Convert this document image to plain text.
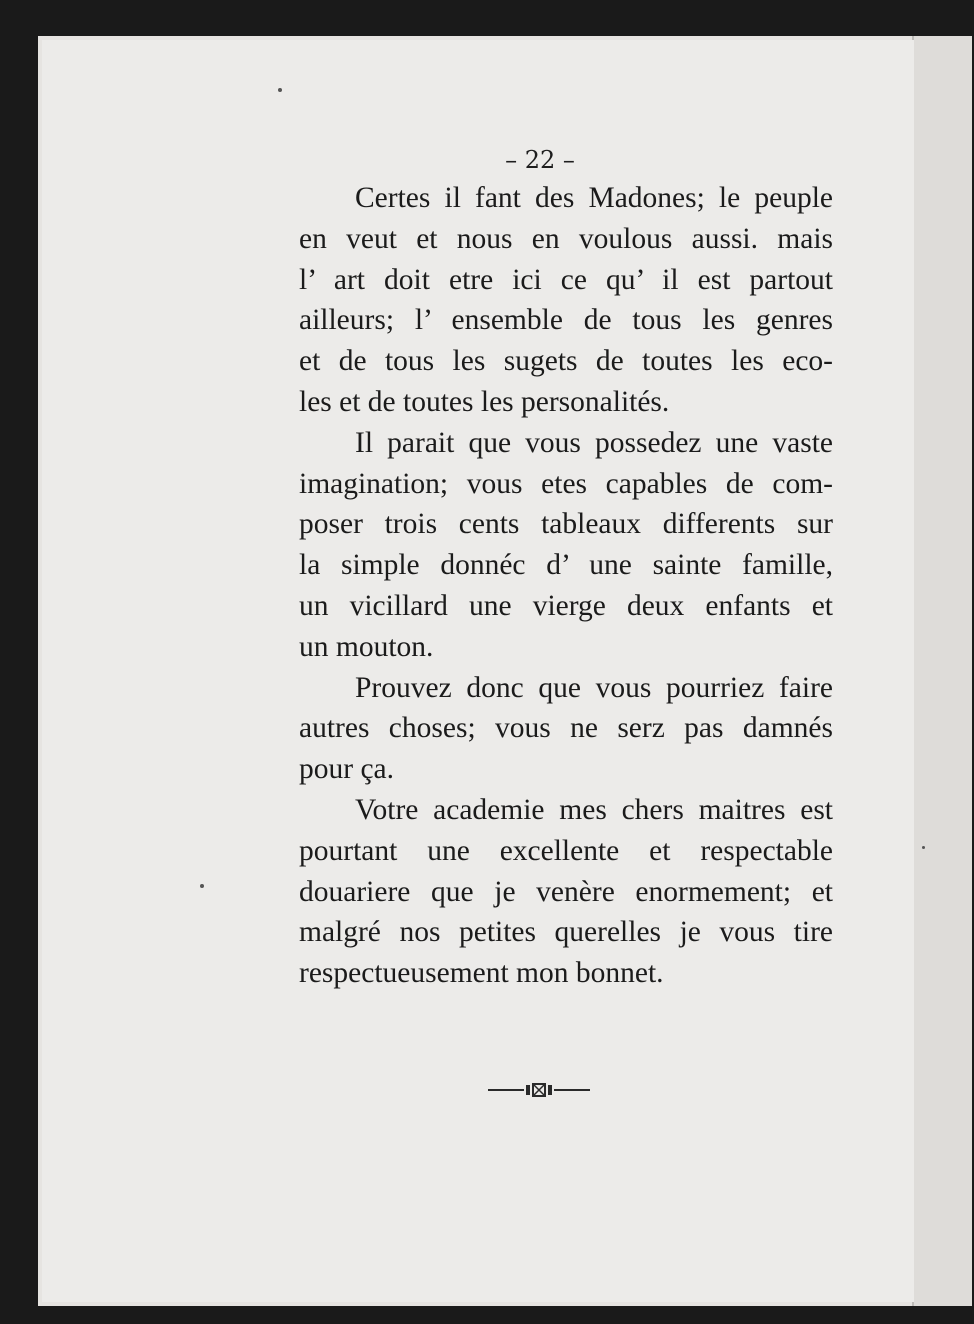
– 22 –
Certes il fant des Madones; le peuple
en veut et nous en voulous aussi. mais
l’ art doit etre ici ce qu’ il est partout
ailleurs; l’ ensemble de tous les genres
et de tous les sugets de toutes les eco-
les et de toutes les personalités.
Il parait que vous possedez une vaste
imagination; vous etes capables de com-
poser trois cents tableaux differents sur
la simple donnéc d’ une sainte famille,
un vicillard une vierge deux enfants et
un mouton.
Prouvez donc que vous pourriez faire
autres choses; vous ne serz pas damnés
pour ça.
Votre academie mes chers maitres est
pourtant une excellente et respectable
douariere que je venère enormement; et
malgré nos petites querelles je vous tire
respectueusement mon bonnet.
